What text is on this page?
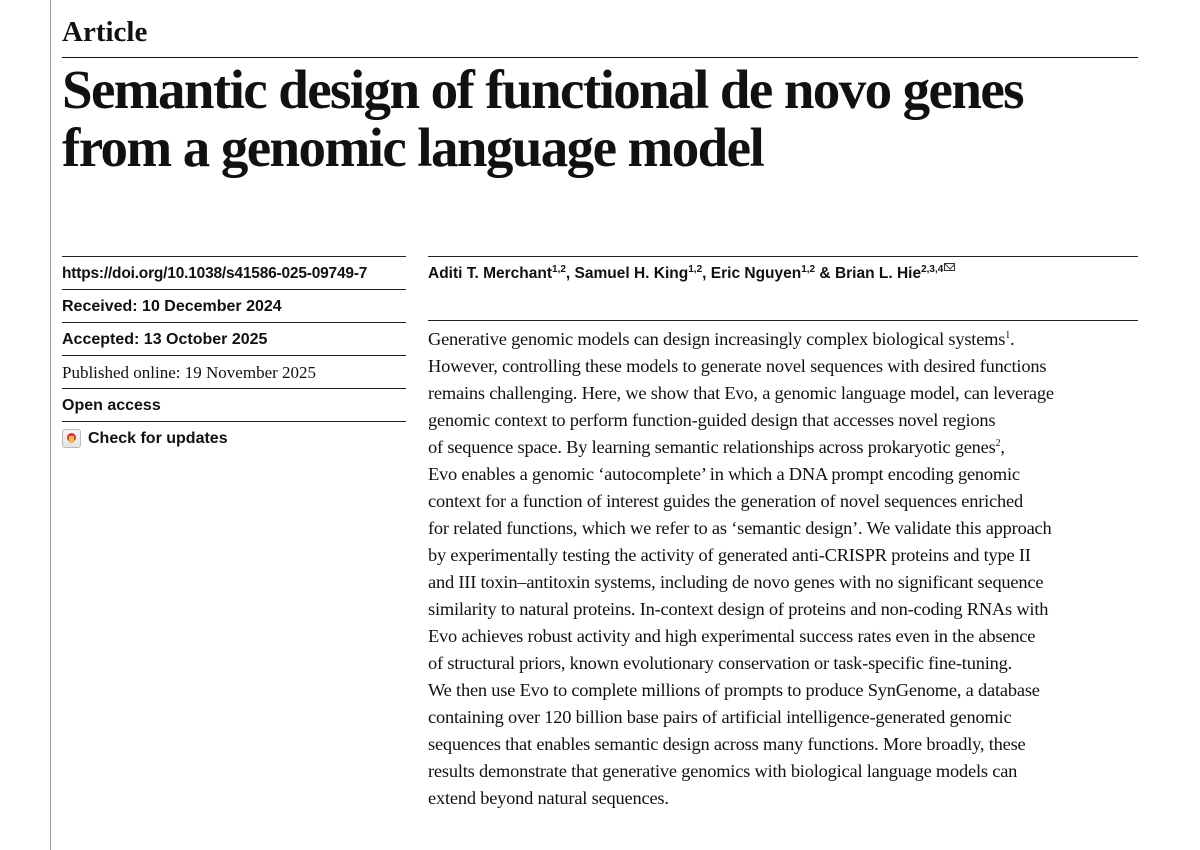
Article
Semantic design of functional de novo genes
from a genomic language model
https://doi.org/10.1038/s41586-025-09749-7
Received: 10 December 2024
Accepted: 13 October 2025
Published online: 19 November 2025
Open access
Check for updates

Aditi T. Merchant$^{1,2}$, Samuel H. King$^{1,2}$, Eric Nguyen$^{1,2}$ & Brian L. Hie$^{2,3,4}$

Generative genomic models can design increasingly complex biological systems$^1$.
However, controlling these models to generate novel sequences with desired functions
remains challenging. Here, we show that Evo, a genomic language model, can leverage
genomic context to perform function-guided design that accesses novel regions
of sequence space. By learning semantic relationships across prokaryotic genes$^2$,
Evo enables a genomic ‘autocomplete’ in which a DNA prompt encoding genomic
context for a function of interest guides the generation of novel sequences enriched
for related functions, which we refer to as ‘semantic design’. We validate this approach
by experimentally testing the activity of generated anti-CRISPR proteins and type II
and III toxin–antitoxin systems, including de novo genes with no significant sequence
similarity to natural proteins. In-context design of proteins and non-coding RNAs with
Evo achieves robust activity and high experimental success rates even in the absence
of structural priors, known evolutionary conservation or task-specific fine-tuning.
We then use Evo to complete millions of prompts to produce SynGenome, a database
containing over 120 billion base pairs of artificial intelligence-generated genomic
sequences that enables semantic design across many functions. More broadly, these
results demonstrate that generative genomics with biological language models can
extend beyond natural sequences.
